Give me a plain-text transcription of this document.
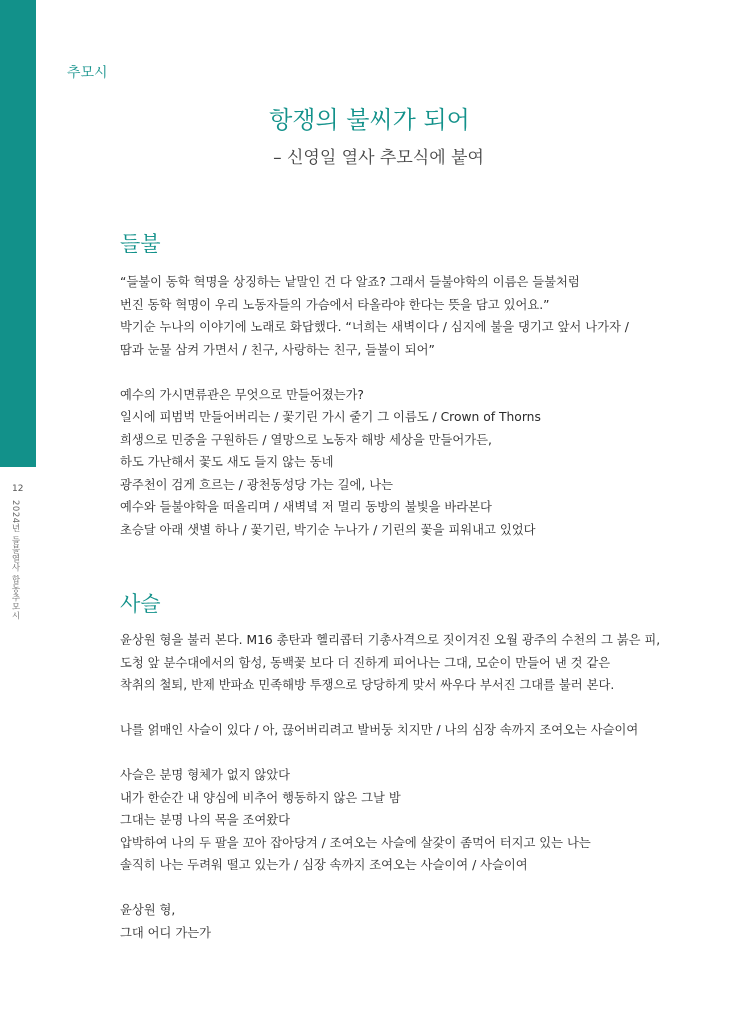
12
2024년 들불열사 합동추모시
추모시
항쟁의 불씨가 되어
– 신영일 열사 추모식에 붙여
들불
“들불이 동학 혁명을 상징하는 낱말인 건 다 알죠? 그래서 들불야학의 이름은 들불처럼
번진 동학 혁명이 우리 노동자들의 가슴에서 타올라야 한다는 뜻을 담고 있어요.”
박기순 누나의 이야기에 노래로 화답했다. “너희는 새벽이다 / 심지에 불을 댕기고 앞서 나가자 /
땀과 눈물 삼켜 가면서 / 친구, 사랑하는 친구, 들불이 되어”
예수의 가시면류관은 무엇으로 만들어졌는가?
일시에 피범벅 만들어버리는 / 꽃기린 가시 줄기 그 이름도 / Crown of Thorns
희생으로 민중을 구원하든 / 열망으로 노동자 해방 세상을 만들어가든,
하도 가난해서 꽃도 새도 들지 않는 동네
광주천이 검게 흐르는 / 광천동성당 가는 길에, 나는
예수와 들불야학을 떠올리며 / 새벽녘 저 멀리 동방의 불빛을 바라본다
초승달 아래 샛별 하나 / 꽃기린, 박기순 누나가 / 기린의 꽃을 피워내고 있었다
사슬
윤상원 형을 불러 본다. M16 총탄과 헬리콥터 기총사격으로 짓이겨진 오월 광주의 수천의 그 붉은 피,
도청 앞 분수대에서의 함성, 동백꽃 보다 더 진하게 피어나는 그대, 모순이 만들어 낸 것 같은
착취의 철퇴, 반제 반파쇼 민족해방 투쟁으로 당당하게 맞서 싸우다 부서진 그대를 불러 본다.
나를 얽매인 사슬이 있다 / 아, 끊어버리려고 발버둥 치지만 / 나의 심장 속까지 조여오는 사슬이여
사슬은 분명 형체가 없지 않았다
내가 한순간 내 양심에 비추어 행동하지 않은 그날 밤
그대는 분명 나의 목을 조여왔다
압박하여 나의 두 팔을 꼬아 잡아당겨 / 조여오는 사슬에 살갗이 좀먹어 터지고 있는 나는
솔직히 나는 두려워 떨고 있는가 / 심장 속까지 조여오는 사슬이여 / 사슬이여
윤상원 형,
그대 어디 가는가
